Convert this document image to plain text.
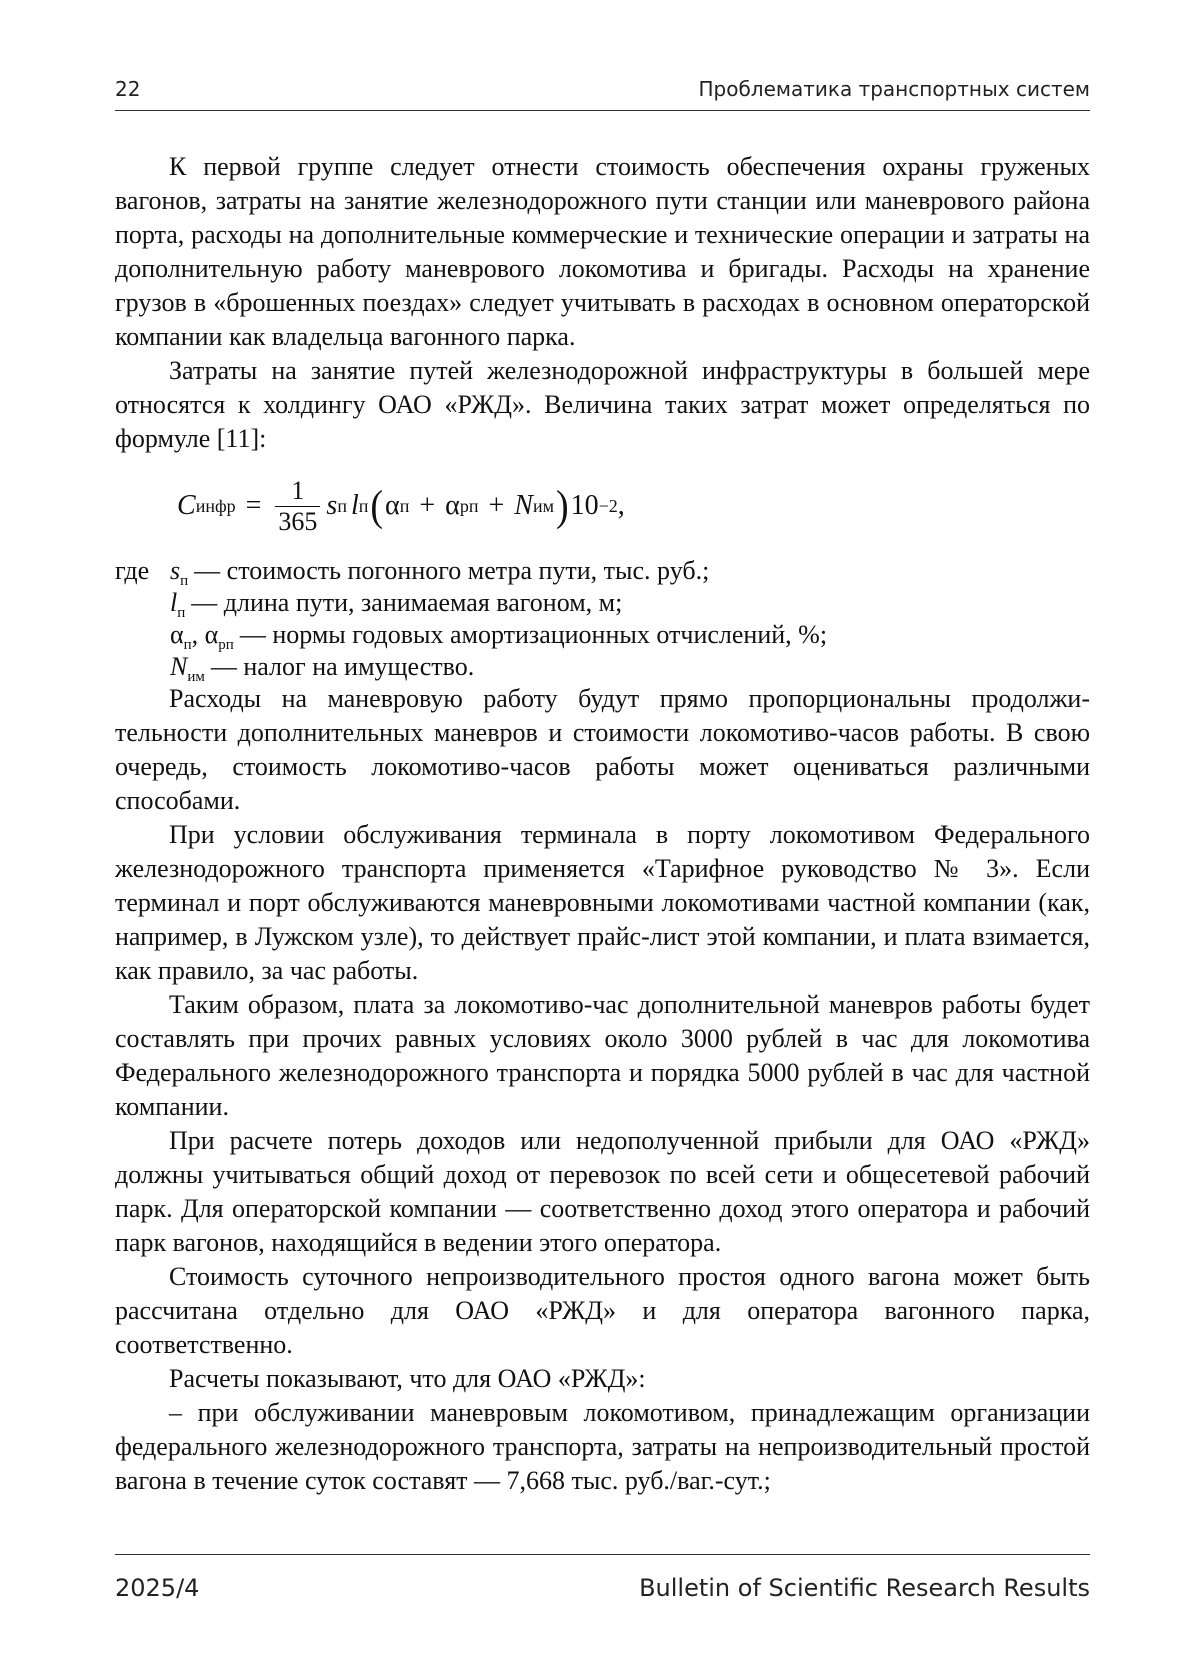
22	Проблематика транспортных систем

К первой группе следует отнести стоимость обеспечения охраны груженых вагонов, затраты на занятие железнодорожного пути станции или маневрового района порта, расходы на дополнительные коммерческие и технические операции и затраты на дополнительную работу маневрового локомотива и бригады. Расходы на хранение грузов в «брошенных поездах» следует учитывать в расходах в основном операторской компании как владельца вагонного парка.

Затраты на занятие путей железнодорожной инфраструктуры в большей мере относятся к холдингу ОАО «РЖД». Величина таких затрат может определяться по формуле [11]:

C инфр = $\frac{1}{365}$ s п l п ( α п + α рп + N им ) 10 −2 ,
где $s_п$ — стоимость погонного метра пути, тыс. руб.;
$l_п$ — длина пути, занимаемая вагоном, м;
$\alpha_п$, $\alpha_{рп}$ — нормы годовых амортизационных отчислений, %;
$N_{им}$ — налог на имущество.

Расходы на маневровую работу будут прямо пропорциональны продолжительности дополнительных маневров и стоимости локомотиво-часов работы. В свою очередь, стоимость локомотиво-часов работы может оцениваться различными способами.

При условии обслуживания терминала в порту локомотивом Федерального железнодорожного транспорта применяется «Тарифное руководство № 3». Если терминал и порт обслуживаются маневровными локомотивами частной компании (как, например, в Лужском узле), то действует прайс-лист этой компании, и плата взимается, как правило, за час работы.

Таким образом, плата за локомотиво-час дополнительной маневров работы будет составлять при прочих равных условиях около 3000 рублей в час для локомотива Федерального железнодорожного транспорта и порядка 5000 рублей в час для частной компании.

При расчете потерь доходов или недополученной прибыли для ОАО «РЖД» должны учитываться общий доход от перевозок по всей сети и общесетевой рабочий парк. Для операторской компании — соответственно доход этого оператора и рабочий парк вагонов, находящийся в ведении этого оператора.

Стоимость суточного непроизводительного простоя одного вагона может быть рассчитана отдельно для ОАО «РЖД» и для оператора вагонного парка, соответственно.

Расчеты показывают, что для ОАО «РЖД»:

– при обслуживании маневровым локомотивом, принадлежащим организации федерального железнодорожного транспорта, затраты на непроизводительный простой вагона в течение суток составят — 7,668 тыс. руб./ваг.-сут.;

2025/4	Bulletin of Scientific Research Results
